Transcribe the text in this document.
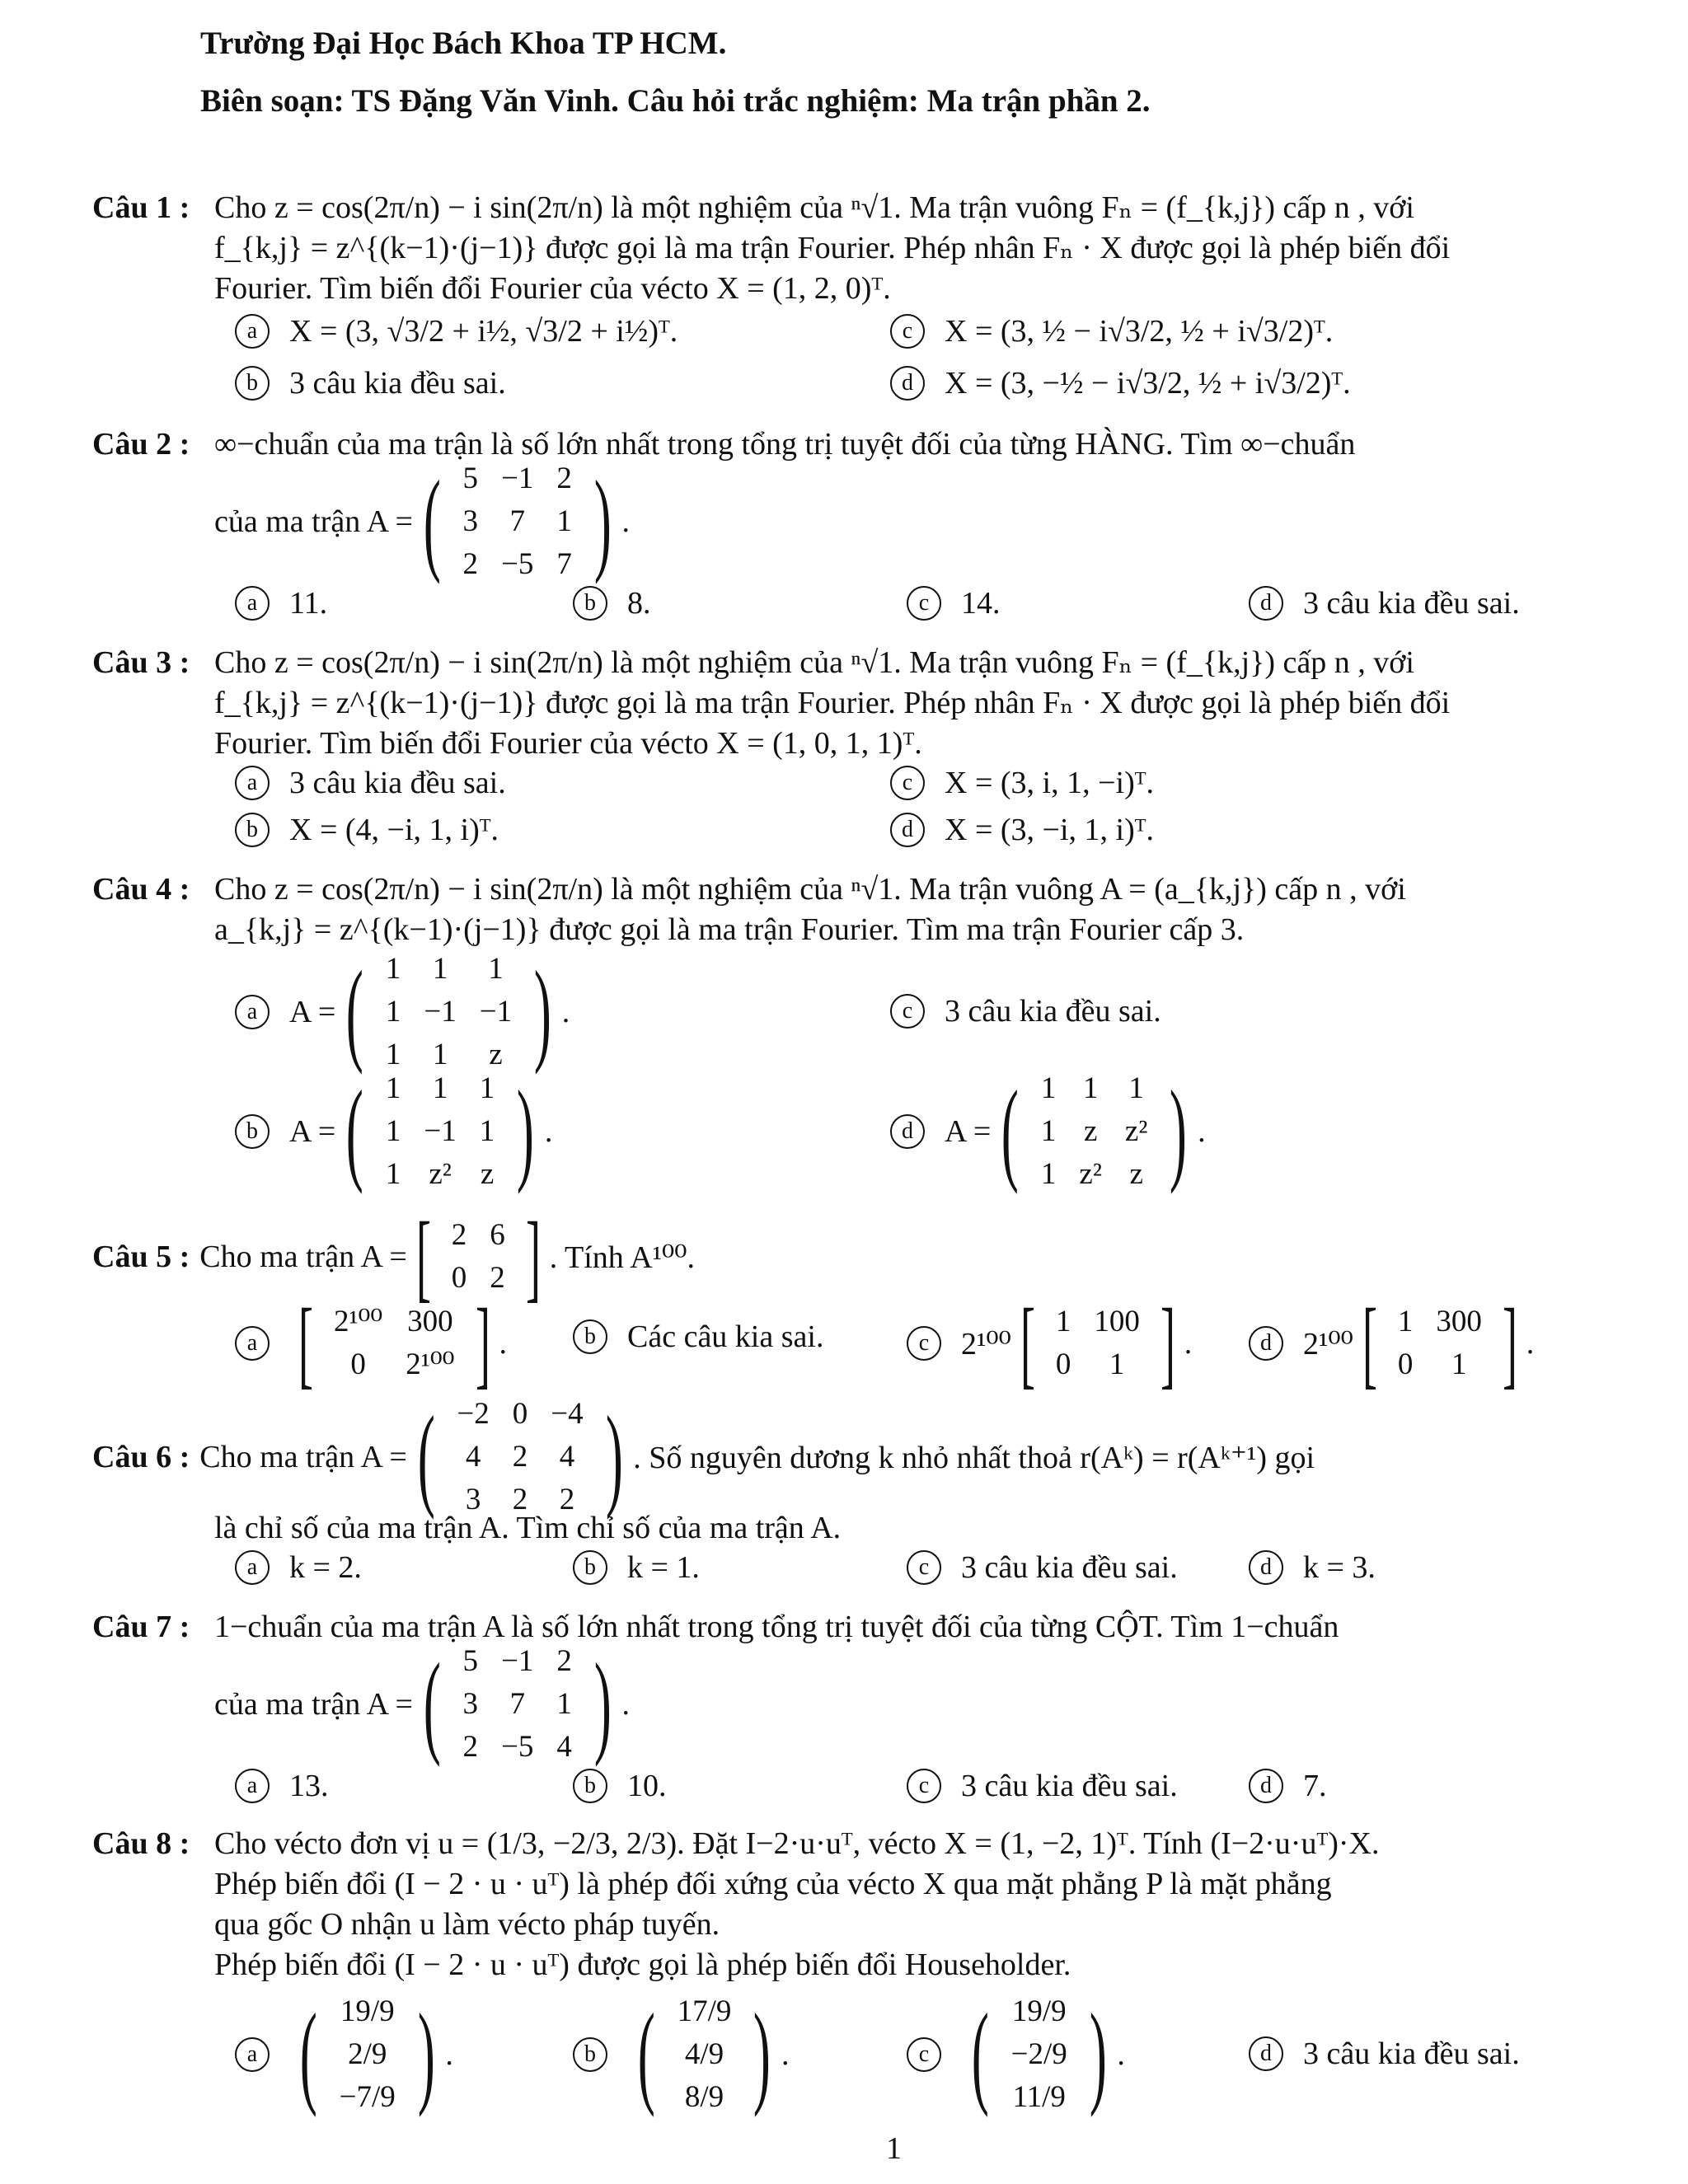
Trường Đại Học Bách Khoa TP HCM.
Biên soạn: TS Đặng Văn Vinh. Câu hỏi trắc nghiệm: Ma trận phần 2.
Câu 1 : Cho z = cos(2π/n) − i sin(2π/n) là một nghiệm của ⁿ√1. Ma trận vuông Fₙ = (f_{k,j}) cấp n , với

f_{k,j} = z^{(k−1)·(j−1)} được gọi là ma trận Fourier. Phép nhân Fₙ · X được gọi là phép biến đổi

Fourier. Tìm biến đổi Fourier của vécto X = (1, 2, 0)ᵀ.

a	X = (3, √3/2 + i½, √3/2 + i½)ᵀ.
b	3 câu kia đều sai.
c	X = (3, ½ − i√3/2, ½ + i√3/2)ᵀ.
d	X = (3, −½ − i√3/2, ½ + i√3/2)ᵀ.
Câu 2 : ∞−chuẩn của ma trận là số lớn nhất trong tổng trị tuyệt đối của từng HÀNG. Tìm ∞−chuẩn

của ma trận A = ( 5	−1	2
3	7	1
2	−5	7 ) .
a	11.	b	8.	c	14.	d	3 câu kia đều sai.
Câu 3 : Cho z = cos(2π/n) − i sin(2π/n) là một nghiệm của ⁿ√1. Ma trận vuông Fₙ = (f_{k,j}) cấp n , với

f_{k,j} = z^{(k−1)·(j−1)} được gọi là ma trận Fourier. Phép nhân Fₙ · X được gọi là phép biến đổi

Fourier. Tìm biến đổi Fourier của vécto X = (1, 0, 1, 1)ᵀ.

a	3 câu kia đều sai.
b	X = (4, −i, 1, i)ᵀ.
c	X = (3, i, 1, −i)ᵀ.
d	X = (3, −i, 1, i)ᵀ.
Câu 4 : Cho z = cos(2π/n) − i sin(2π/n) là một nghiệm của ⁿ√1. Ma trận vuông A = (a_{k,j}) cấp n , với

a_{k,j} = z^{(k−1)·(j−1)} được gọi là ma trận Fourier. Tìm ma trận Fourier cấp 3.

a	A = ( 1	1	1
1	−1	−1
1	1	z ) .	c	3 câu kia đều sai.
b	A = ( 1	1	1
1	−1	1
1	z²	z ) .	d	A = ( 1	1	1
1	z	z²
1	z²	z ) .
Câu 5 : Cho ma trận A = [ 2	6
0	2 ] . Tính A¹⁰⁰.
a [ 2¹⁰⁰	300
0	2¹⁰⁰ ] .	b	Các câu kia sai.	c	2¹⁰⁰ [ 1	100
0	1 ] .	d	2¹⁰⁰ [ 1	300
0	1 ] .
Câu 6 : Cho ma trận A = ( −2	0	−4
4	2	4
3	2	2 ) . Số nguyên dương k nhỏ nhất thoả r(Aᵏ) = r(Aᵏ⁺¹) gọi

là chỉ số của ma trận A. Tìm chỉ số của ma trận A.

a	k = 2.	b	k = 1.	c	3 câu kia đều sai.	d	k = 3.
Câu 7 : 1−chuẩn của ma trận A là số lớn nhất trong tổng trị tuyệt đối của từng CỘT. Tìm 1−chuẩn

của ma trận A = ( 5	−1	2
3	7	1
2	−5	4 ) .
a	13.	b	10.	c	3 câu kia đều sai.	d	7.
Câu 8 : Cho vécto đơn vị u = (1/3, −2/3, 2/3). Đặt I−2·u·uᵀ, vécto X = (1, −2, 1)ᵀ. Tính (I−2·u·uᵀ)·X.

Phép biến đổi (I − 2 · u · uᵀ) là phép đối xứng của vécto X qua mặt phẳng P là mặt phẳng

qua gốc O nhận u làm vécto pháp tuyến.

Phép biến đổi (I − 2 · u · uᵀ) được gọi là phép biến đổi Householder.

a ( 19/9
2/9
−7/9 ) .	b ( 17/9
4/9
8/9 ) .	c ( 19/9
−2/9
11/9 ) .	d	3 câu kia đều sai.
1
